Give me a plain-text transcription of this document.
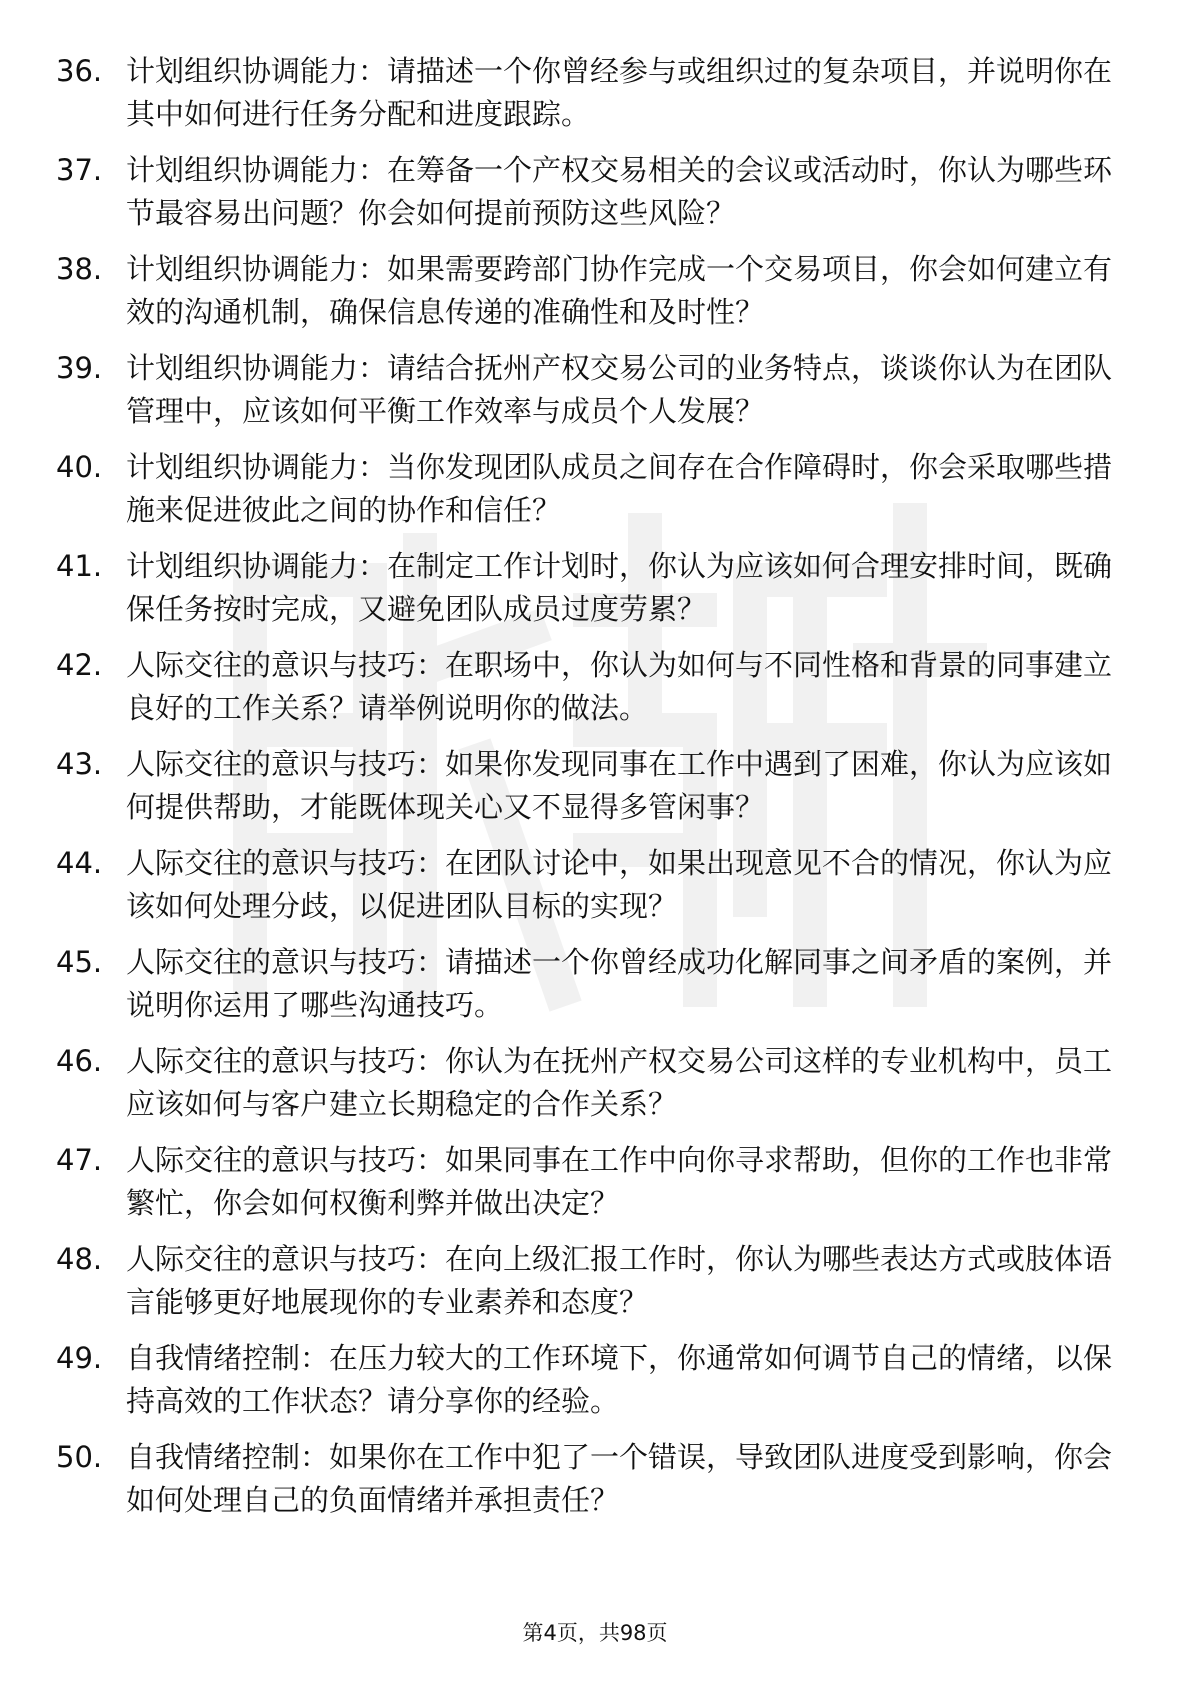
36. 计划组织协调能力：请描述一个你曾经参与或组织过的复杂项目，并说明你在其中如何进行任务分配和进度跟踪。
37. 计划组织协调能力：在筹备一个产权交易相关的会议或活动时，你认为哪些环节最容易出问题？你会如何提前预防这些风险？
38. 计划组织协调能力：如果需要跨部门协作完成一个交易项目，你会如何建立有效的沟通机制，确保信息传递的准确性和及时性？
39. 计划组织协调能力：请结合抚州产权交易公司的业务特点，谈谈你认为在团队管理中，应该如何平衡工作效率与成员个人发展？
40. 计划组织协调能力：当你发现团队成员之间存在合作障碍时，你会采取哪些措施来促进彼此之间的协作和信任？
41. 计划组织协调能力：在制定工作计划时，你认为应该如何合理安排时间，既确保任务按时完成，又避免团队成员过度劳累？
42. 人际交往的意识与技巧：在职场中，你认为如何与不同性格和背景的同事建立良好的工作关系？请举例说明你的做法。
43. 人际交往的意识与技巧：如果你发现同事在工作中遇到了困难，你认为应该如何提供帮助，才能既体现关心又不显得多管闲事？
44. 人际交往的意识与技巧：在团队讨论中，如果出现意见不合的情况，你认为应该如何处理分歧，以促进团队目标的实现？
45. 人际交往的意识与技巧：请描述一个你曾经成功化解同事之间矛盾的案例，并说明你运用了哪些沟通技巧。
46. 人际交往的意识与技巧：你认为在抚州产权交易公司这样的专业机构中，员工应该如何与客户建立长期稳定的合作关系？
47. 人际交往的意识与技巧：如果同事在工作中向你寻求帮助，但你的工作也非常繁忙，你会如何权衡利弊并做出决定？
48. 人际交往的意识与技巧：在向上级汇报工作时，你认为哪些表达方式或肢体语言能够更好地展现你的专业素养和态度？
49. 自我情绪控制：在压力较大的工作环境下，你通常如何调节自己的情绪，以保持高效的工作状态？请分享你的经验。
50. 自我情绪控制：如果你在工作中犯了一个错误，导致团队进度受到影响，你会如何处理自己的负面情绪并承担责任？
第4页，共98页
